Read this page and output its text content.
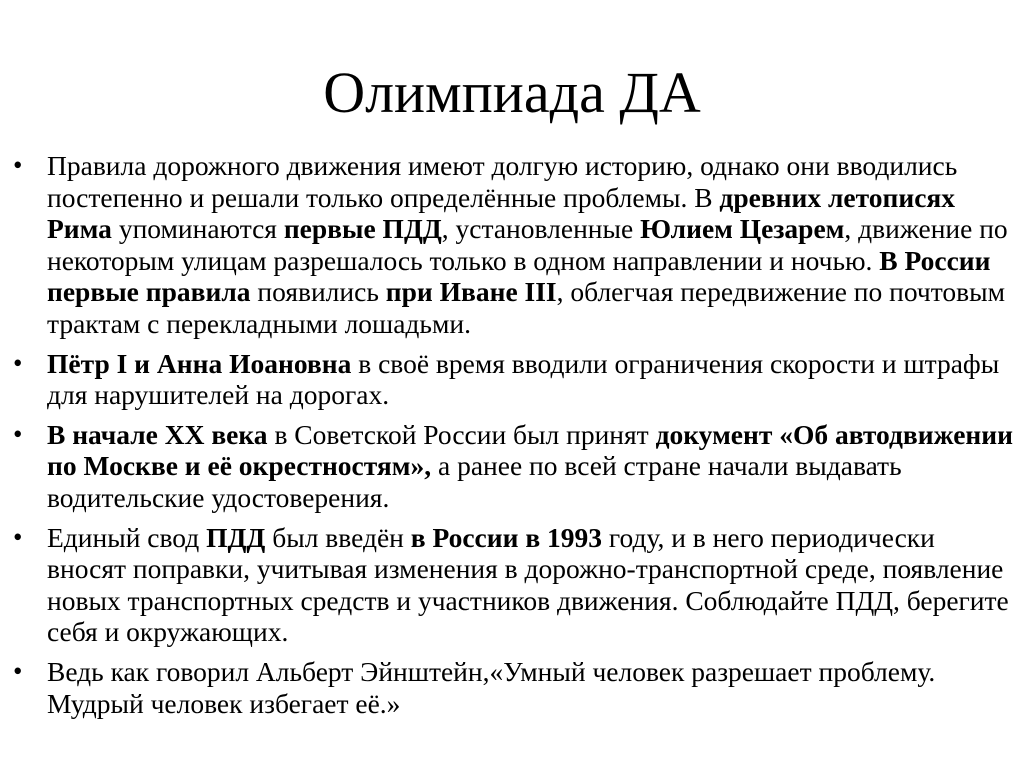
Олимпиада ДА
• Правила дорожного движения имеют долгую историю, однако они вводились постепенно и решали только определённые проблемы. В древних летописях Рима упоминаются первые ПДД, установленные Юлием Цезарем, движение по некоторым улицам разрешалось только в одном направлении и ночью. В России первые правила появились при Иване III, облегчая передвижение по почтовым трактам с перекладными лошадьми.
• Пётр I и Анна Иоановна в своё время вводили ограничения скорости и штрафы для нарушителей на дорогах.
• В начале XX века в Советской России был принят документ «Об автодвижении по Москве и её окрестностям», а ранее по всей стране начали выдавать водительские удостоверения.
• Единый свод ПДД был введён в России в 1993 году, и в него периодически вносят поправки, учитывая изменения в дорожно-транспортной среде, появление новых транспортных средств и участников движения. Соблюдайте ПДД, берегите себя и окружающих.
• Ведь как говорил Альберт Эйнштейн,«Умный человек разрешает проблему. Мудрый человек избегает её.»
